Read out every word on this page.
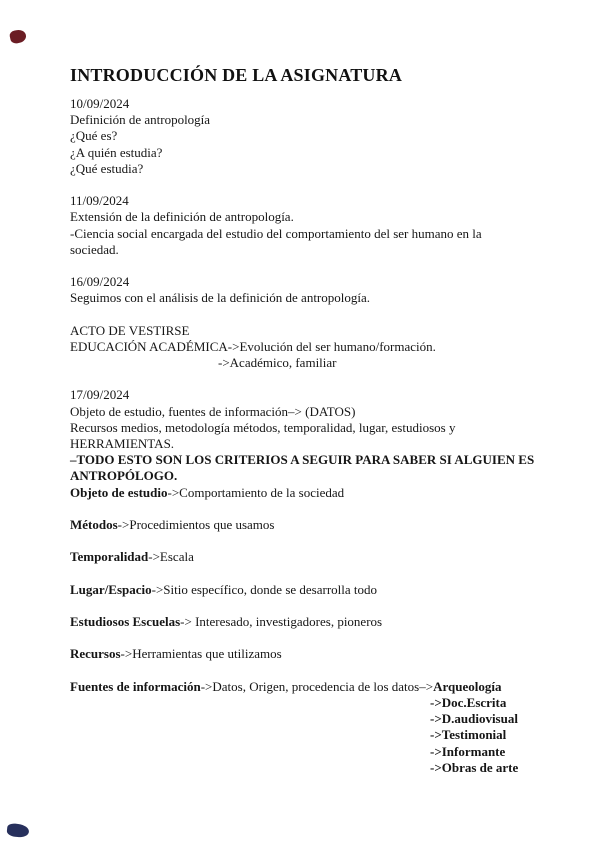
INTRODUCCIÓN DE LA ASIGNATURA
10/09/2024
Definición de antropología
¿Qué es?
¿A quién estudia?
¿Qué estudia?
11/09/2024
Extensión de la definición de antropología.
-Ciencia social encargada del estudio del comportamiento del ser humano en la
sociedad.
16/09/2024
Seguimos con el análisis de la definición de antropología.
ACTO DE VESTIRSE
EDUCACIÓN ACADÉMICA->Evolución del ser humano/formación.
->Académico, familiar
17/09/2024
Objeto de estudio, fuentes de información–> (DATOS)
Recursos medios, metodología métodos, temporalidad, lugar, estudiosos y
HERRAMIENTAS.
–TODO ESTO SON LOS CRITERIOS A SEGUIR PARA SABER SI ALGUIEN ES
ANTROPÓLOGO.
Objeto de estudio->Comportamiento de la sociedad
Métodos->Procedimientos que usamos
Temporalidad->Escala
Lugar/Espacio->Sitio específico, donde se desarrolla todo
Estudiosos Escuelas-> Interesado, investigadores, pioneros
Recursos->Herramientas que utilizamos
Fuentes de información->Datos, Origen, procedencia de los datos–>Arqueología
->Doc.Escrita
->D.audiovisual
->Testimonial
->Informante
->Obras de arte
